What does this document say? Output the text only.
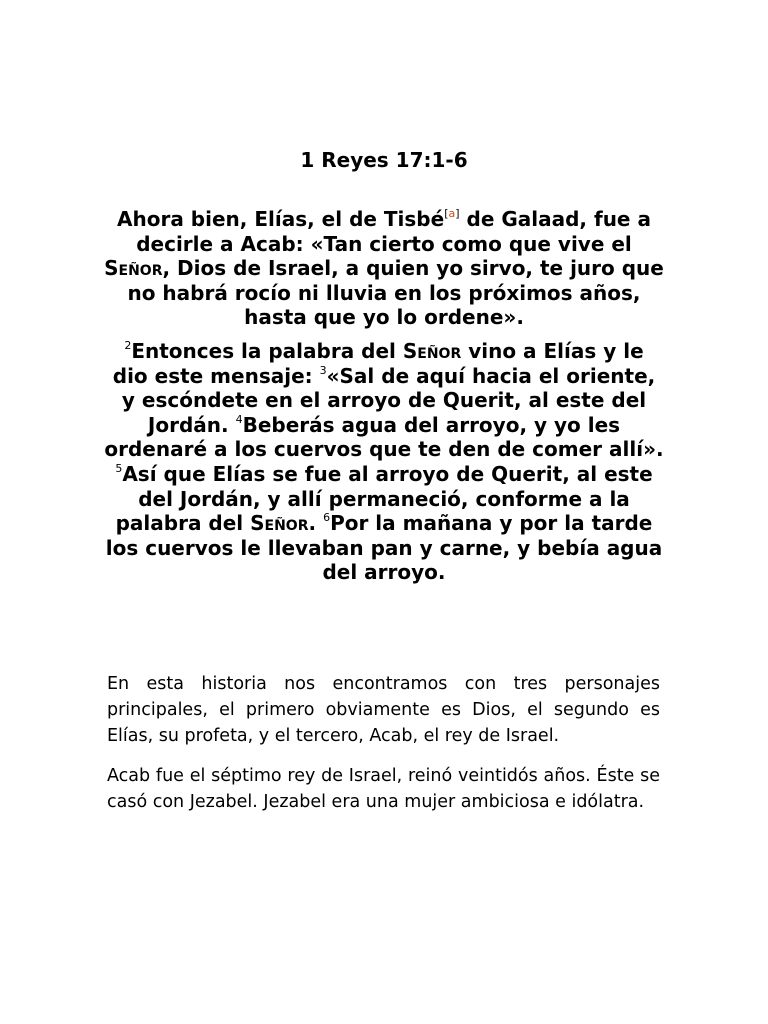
1 Reyes 17:1-6

Ahora bien, Elías, el de Tisbé[a] de Galaad, fue a decirle a Acab: «Tan cierto como que vive el Señor, Dios de Israel, a quien yo sirvo, te juro que no habrá rocío ni lluvia en los próximos años, hasta que yo lo ordene».

$^2$Entonces la palabra del Señor vino a Elías y le dio este mensaje: $^3$«Sal de aquí hacia el oriente, y escóndete en el arroyo de Querit, al este del Jordán. $^4$Beberás agua del arroyo, y yo les ordenaré a los cuervos que te den de comer allí». $^5$Así que Elías se fue al arroyo de Querit, al este del Jordán, y allí permaneció, conforme a la palabra del Señor. $^6$Por la mañana y por la tarde los cuervos le llevaban pan y carne, y bebía agua del arroyo.

En esta historia nos encontramos con tres personajes principales, el primero obviamente es Dios, el segundo es Elías, su profeta, y el tercero, Acab, el rey de Israel.

Acab fue el séptimo rey de Israel, reinó veintidós años. Éste se casó con Jezabel. Jezabel era una mujer ambiciosa e idólatra.
